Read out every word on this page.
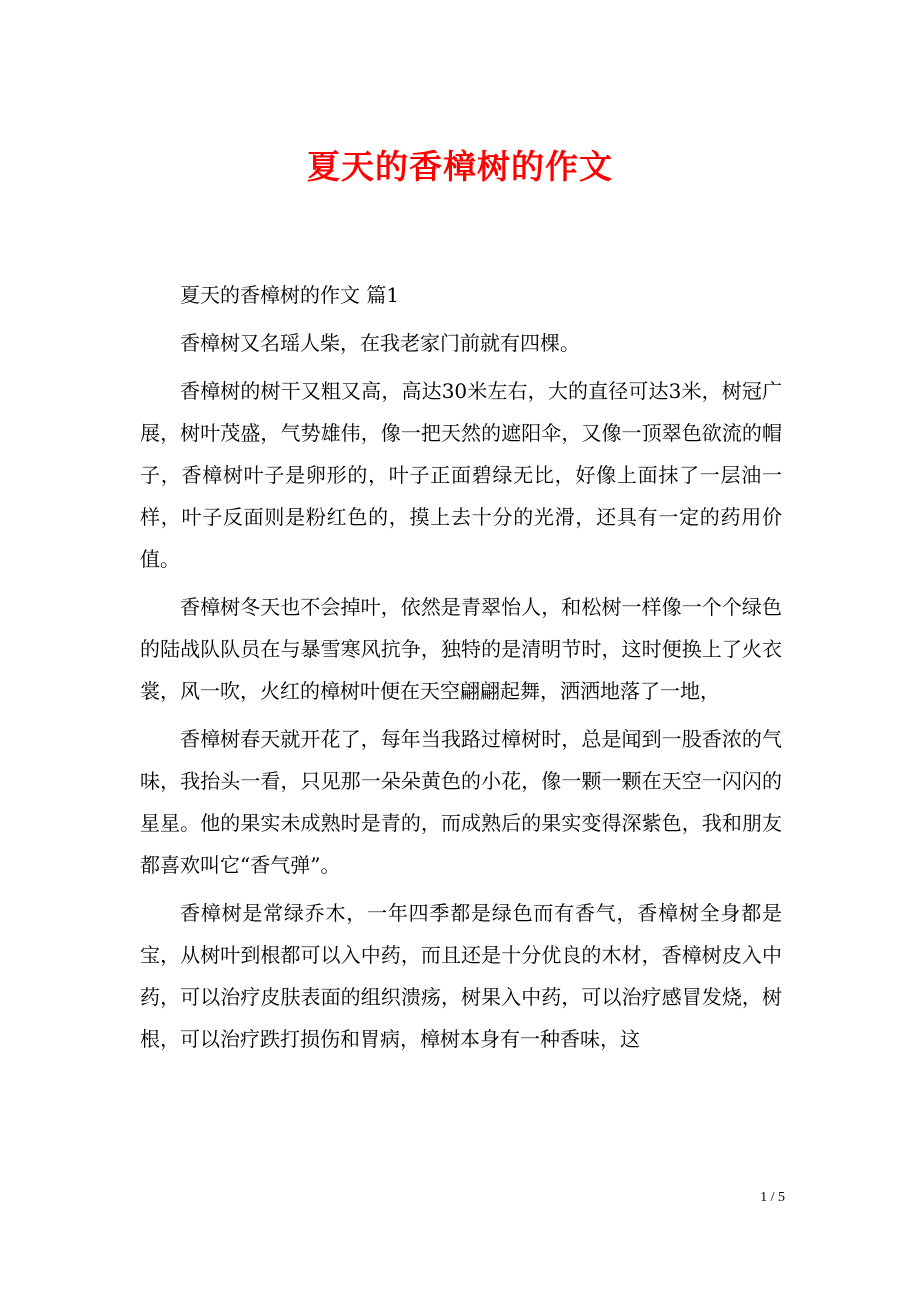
夏天的香樟树的作文

夏天的香樟树的作文 篇1

香樟树又名瑶人柴，在我老家门前就有四棵。

香樟树的树干又粗又高，高达30米左右，大的直径可达3米，树冠广展，树叶茂盛，气势雄伟，像一把天然的遮阳伞，又像一顶翠色欲流的帽子，香樟树叶子是卵形的，叶子正面碧绿无比，好像上面抹了一层油一样，叶子反面则是粉红色的，摸上去十分的光滑，还具有一定的药用价值。

香樟树冬天也不会掉叶，依然是青翠怡人，和松树一样像一个个绿色的陆战队队员在与暴雪寒风抗争，独特的是清明节时，这时便换上了火衣裳，风一吹，火红的樟树叶便在天空翩翩起舞，洒洒地落了一地，

香樟树春天就开花了，每年当我路过樟树时，总是闻到一股香浓的气味，我抬头一看，只见那一朵朵黄色的小花，像一颗一颗在天空一闪闪的星星。他的果实未成熟时是青的，而成熟后的果实变得深紫色，我和朋友都喜欢叫它“香气弹”。

香樟树是常绿乔木，一年四季都是绿色而有香气，香樟树全身都是宝，从树叶到根都可以入中药，而且还是十分优良的木材，香樟树皮入中药，可以治疗皮肤表面的组织溃疡，树果入中药，可以治疗感冒发烧，树根，可以治疗跌打损伤和胃病，樟树本身有一种香味，这

1 / 5
